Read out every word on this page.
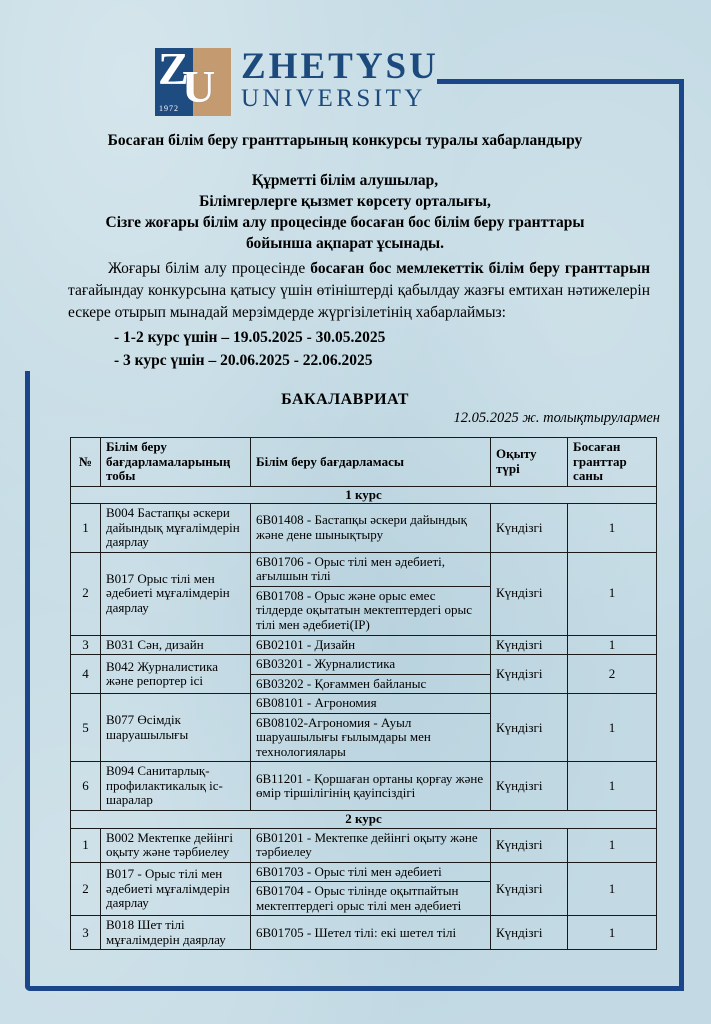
Z
U
1972
ZHETYSU
UNIVERSITY
Босаған білім беру гранттарының конкурсы туралы хабарландыру
Құрметті білім алушылар,
Білімгерлерге қызмет көрсету орталығы,
Сізге жоғары білім алу процесінде босаған бос білім беру гранттары
бойынша ақпарат ұсынады.
Жоғары білім алу процесінде босаған бос мемлекеттік білім беру гранттарын тағайындау конкурсына қатысу үшін өтініштерді қабылдау жазғы емтихан нәтижелерін ескере отырып мынадай мерзімдерде жүргізілетінің хабарлаймыз:
- 1-2 курс үшін – 19.05.2025 - 30.05.2025
- 3 курс үшін – 20.06.2025 - 22.06.2025
БАКАЛАВРИАТ
12.05.2025 ж. толықтырулармен
№	Білім беру бағдарламаларының тобы	Білім беру бағдарламасы	Оқыту түрі	Босаған гранттар саны
1 курс				
1	B004 Бастапқы әскери дайындық мұғалімдерін даярлау	6В01408 - Бастапқы әскери дайындық және дене шынықтыру	Күндізгі	1
2	B017 Орыс тілі мен әдебиеті мұғалімдерін даярлау	6В01706 - Орыс тілі мен әдебиеті, ағылшын тілі	Күндізгі	1
		6В01708 - Орыс және орыс емес тілдерде оқытатын мектептердегі орыс тілі мен әдебиеті(IP)		
3	B031 Сән, дизайн	6В02101 - Дизайн	Күндізгі	1
4	B042 Журналистика және репортер ісі	6В03201 - Журналистика	Күндізгі	2
		6В03202 - Қоғаммен байланыс		
5	B077 Өсімдік шаруашылығы	6В08101 - Агрономия	Күндізгі	1
		6В08102-Агрономия - Ауыл шаруашылығы ғылымдары мен технологиялары		
6	B094 Санитарлық-профилактикалық іс-шаралар	6В11201 - Қоршаған ортаны қорғау және өмір тіршілігінің қауіпсіздігі	Күндізгі	1
2 курс				
1	B002 Мектепке дейінгі оқыту және тәрбиелеу	6В01201 - Мектепке дейінгі оқыту және тәрбиелеу	Күндізгі	1
2	B017 - Орыс тілі мен әдебиеті мұғалімдерін даярлау	6В01703 - Орыс тілі мен әдебиеті	Күндізгі	1
		6В01704 - Орыс тілінде оқытпайтын мектептердегі орыс тілі мен әдебиеті		
3	B018 Шет тілі мұғалімдерін даярлау	6В01705 - Шетел тілі: екі шетел тілі	Күндізгі	1
